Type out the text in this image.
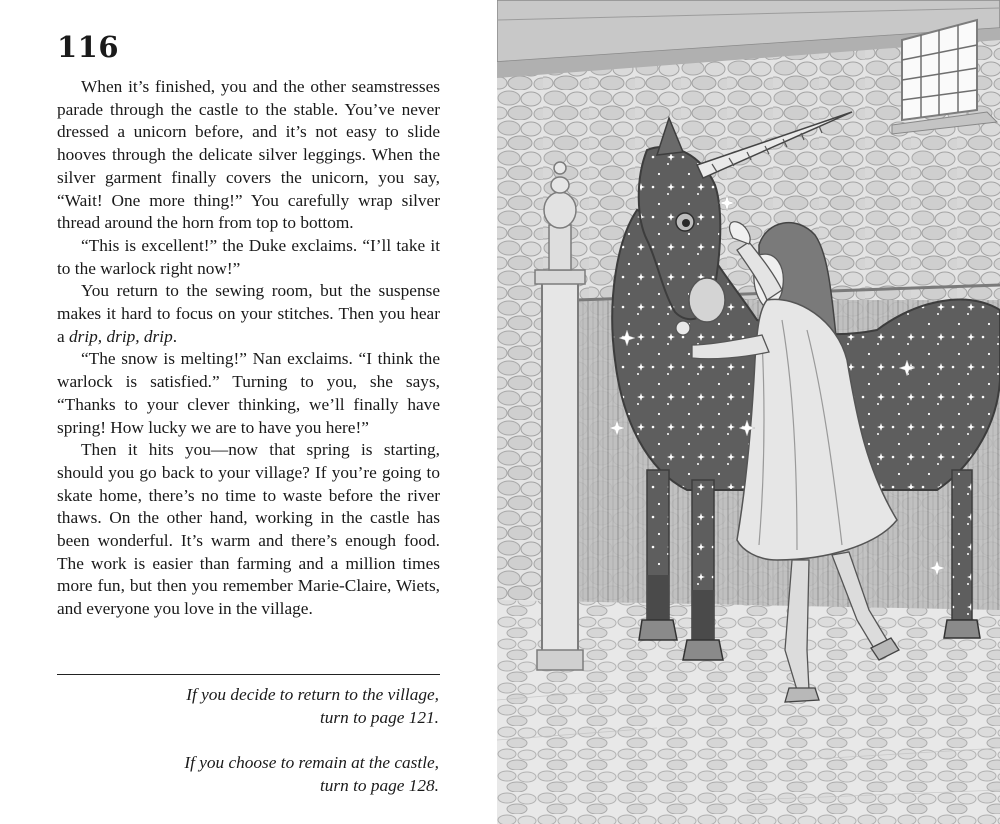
116

When it’s finished, you and the other seamstresses parade through the castle to the stable. You’ve never dressed a unicorn before, and it’s not easy to slide hooves through the delicate silver leggings. When the silver garment finally covers the unicorn, you say, “Wait! One more thing!” You carefully wrap silver thread around the horn from top to bottom.

“This is excellent!” the Duke exclaims. “I’ll take it to the warlock right now!”

You return to the sewing room, but the suspense makes it hard to focus on your stitches. Then you hear a drip, drip, drip.

“The snow is melting!” Nan exclaims. “I think the warlock is satisfied.” Turning to you, she says, “Thanks to your clever thinking, we’ll finally have spring! How lucky we are to have you here!”

Then it hits you—now that spring is starting, should you go back to your village? If you’re going to skate home, there’s no time to waste before the river thaws. On the other hand, working in the castle has been wonderful. It’s warm and there’s enough food. The work is easier than farming and a million times more fun, but then you remember Marie-Claire, Wiets, and everyone you love in the village.

If you decide to return to the village,
turn to page 121.
If you choose to remain at the castle,
turn to page 128.
